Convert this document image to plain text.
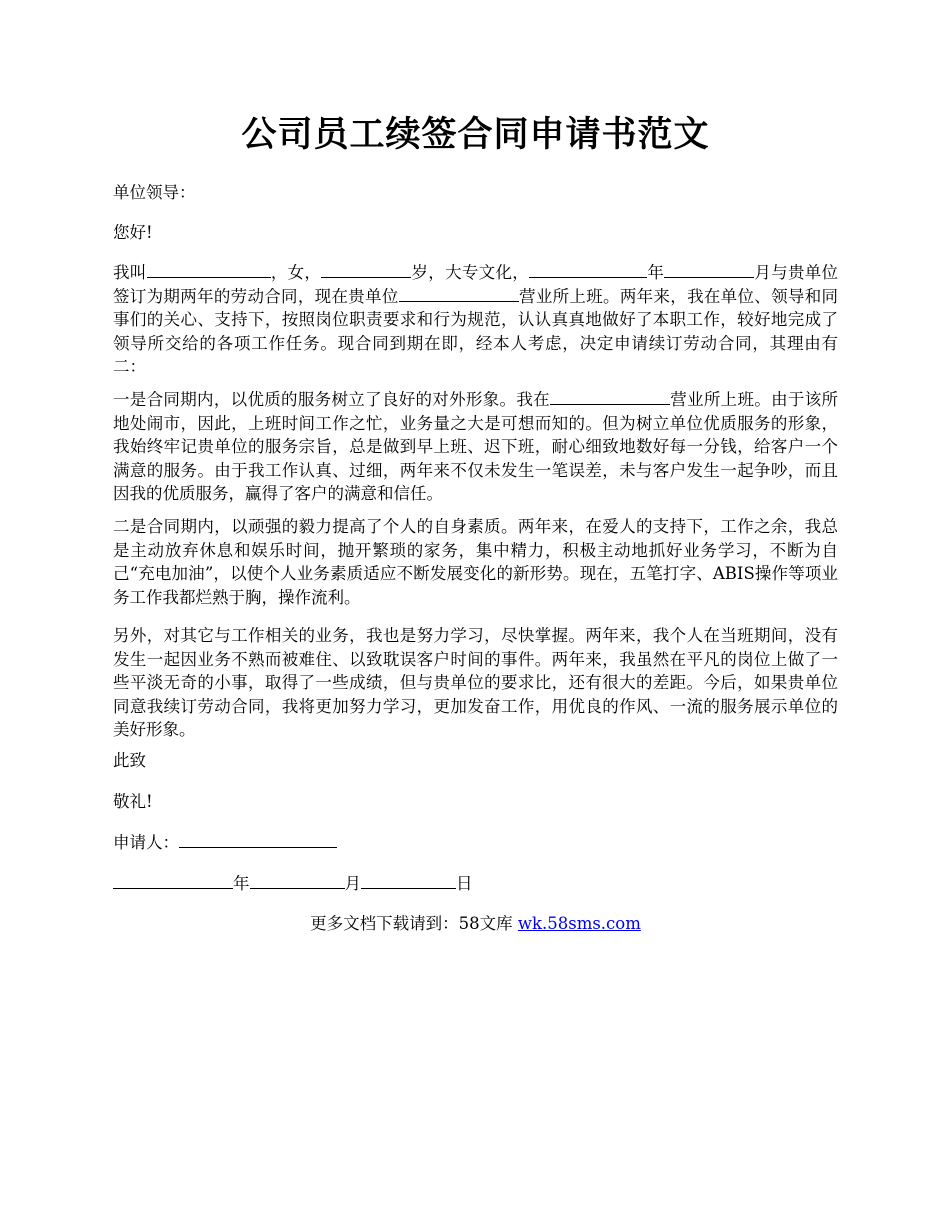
公司员工续签合同申请书范文
单位领导：
您好!
我叫	，女，	岁，大专文化，	年	月与贵单位签订为期两年的劳动合同，现在贵单位	营业所上班。两年来，我在单位、领导和同事们的关心、支持下，按照岗位职责要求和行为规范，认认真真地做好了本职工作，较好地完成了领导所交给的各项工作任务。现合同到期在即，经本人考虑，决定申请续订劳动合同，其理由有二：
一是合同期内，以优质的服务树立了良好的对外形象。我在	营业所上班。由于该所地处闹市，因此，上班时间工作之忙，业务量之大是可想而知的。但为树立单位优质服务的形象，我始终牢记贵单位的服务宗旨，总是做到早上班、迟下班，耐心细致地数好每一分钱，给客户一个满意的服务。由于我工作认真、过细，两年来不仅未发生一笔误差，未与客户发生一起争吵，而且因我的优质服务，赢得了客户的满意和信任。
二是合同期内，以顽强的毅力提高了个人的自身素质。两年来，在爱人的支持下，工作之余，我总是主动放弃休息和娱乐时间，抛开繁琐的家务，集中精力，积极主动地抓好业务学习，不断为自己“充电加油”，以使个人业务素质适应不断发展变化的新形势。现在，五笔打字、ABIS操作等项业务工作我都烂熟于胸，操作流利。
另外，对其它与工作相关的业务，我也是努力学习，尽快掌握。两年来，我个人在当班期间，没有发生一起因业务不熟而被难住、以致耽误客户时间的事件。两年来，我虽然在平凡的岗位上做了一些平淡无奇的小事，取得了一些成绩，但与贵单位的要求比，还有很大的差距。今后，如果贵单位同意我续订劳动合同，我将更加努力学习，更加发奋工作，用优良的作风、一流的服务展示单位的美好形象。
此致
敬礼!
申请人：
年	月	日
更多文档下载请到：58文库 wk.58sms.com
